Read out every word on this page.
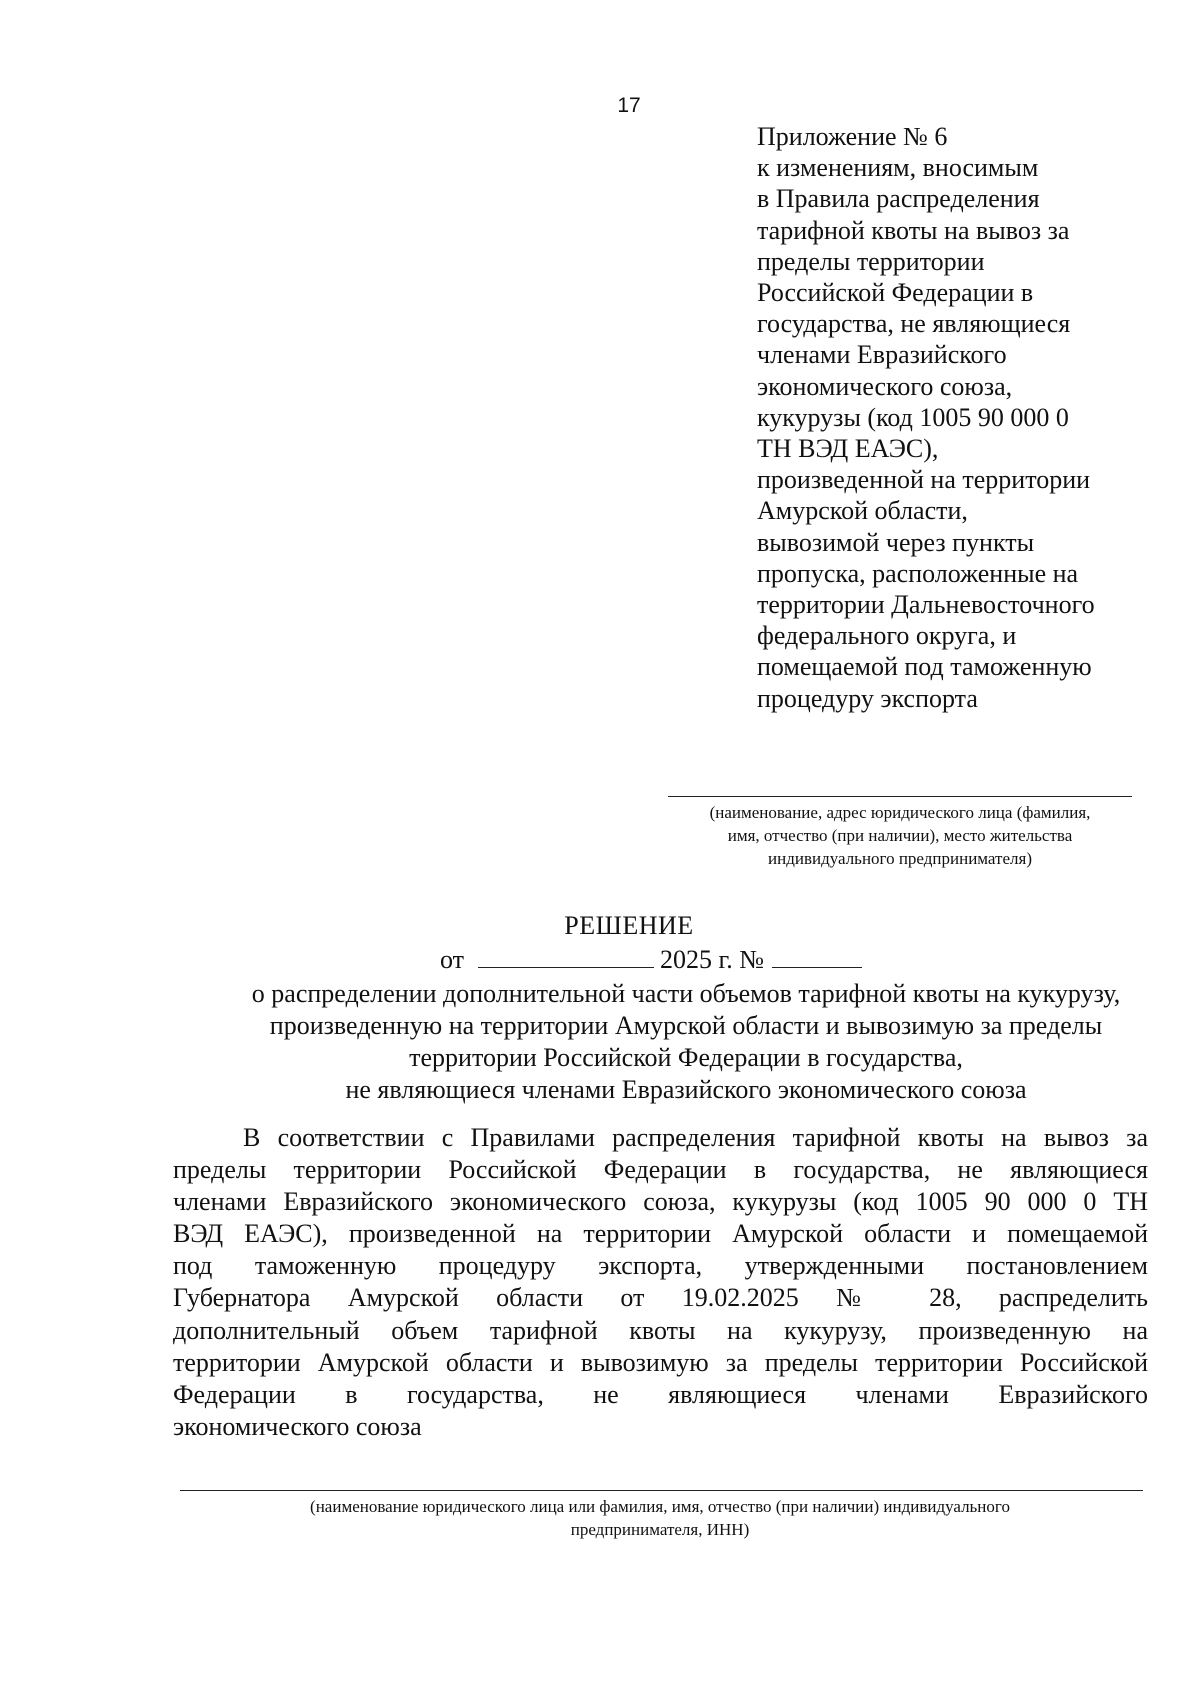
17
Приложение № 6
к изменениям, вносимым
в Правила распределения
тарифной квоты на вывоз за
пределы территории
Российской Федерации в
государства, не являющиеся
членами Евразийского
экономического союза,
кукурузы (код 1005 90 000 0
ТН ВЭД ЕАЭС),
произведенной на территории
Амурской области,
вывозимой через пункты
пропуска, расположенные на
территории Дальневосточного
федерального округа, и
помещаемой под таможенную
процедуру экспорта
(наименование, адрес юридического лица (фамилия,
имя, отчество (при наличии), место жительства
индивидуального предпринимателя)
РЕШЕНИЕ
от	2025 г. №
о распределении дополнительной части объемов тарифной квоты на кукурузу,
произведенную на территории Амурской области и вывозимую за пределы
территории Российской Федерации в государства,
не являющиеся членами Евразийского экономического союза
В соответствии с Правилами распределения тарифной квоты на вывоз за
пределы территории Российской Федерации в государства, не являющиеся
членами Евразийского экономического союза, кукурузы (код 1005 90 000 0 ТН
ВЭД ЕАЭС), произведенной на территории Амурской области и помещаемой
под таможенную процедуру экспорта, утвержденными постановлением
Губернатора Амурской области от 19.02.2025 № 28, распределить
дополнительный объем тарифной квоты на кукурузу, произведенную на
территории Амурской области и вывозимую за пределы территории Российской
Федерации в государства, не являющиеся членами Евразийского
экономического союза
(наименование юридического лица или фамилия, имя, отчество (при наличии) индивидуального
предпринимателя, ИНН)
